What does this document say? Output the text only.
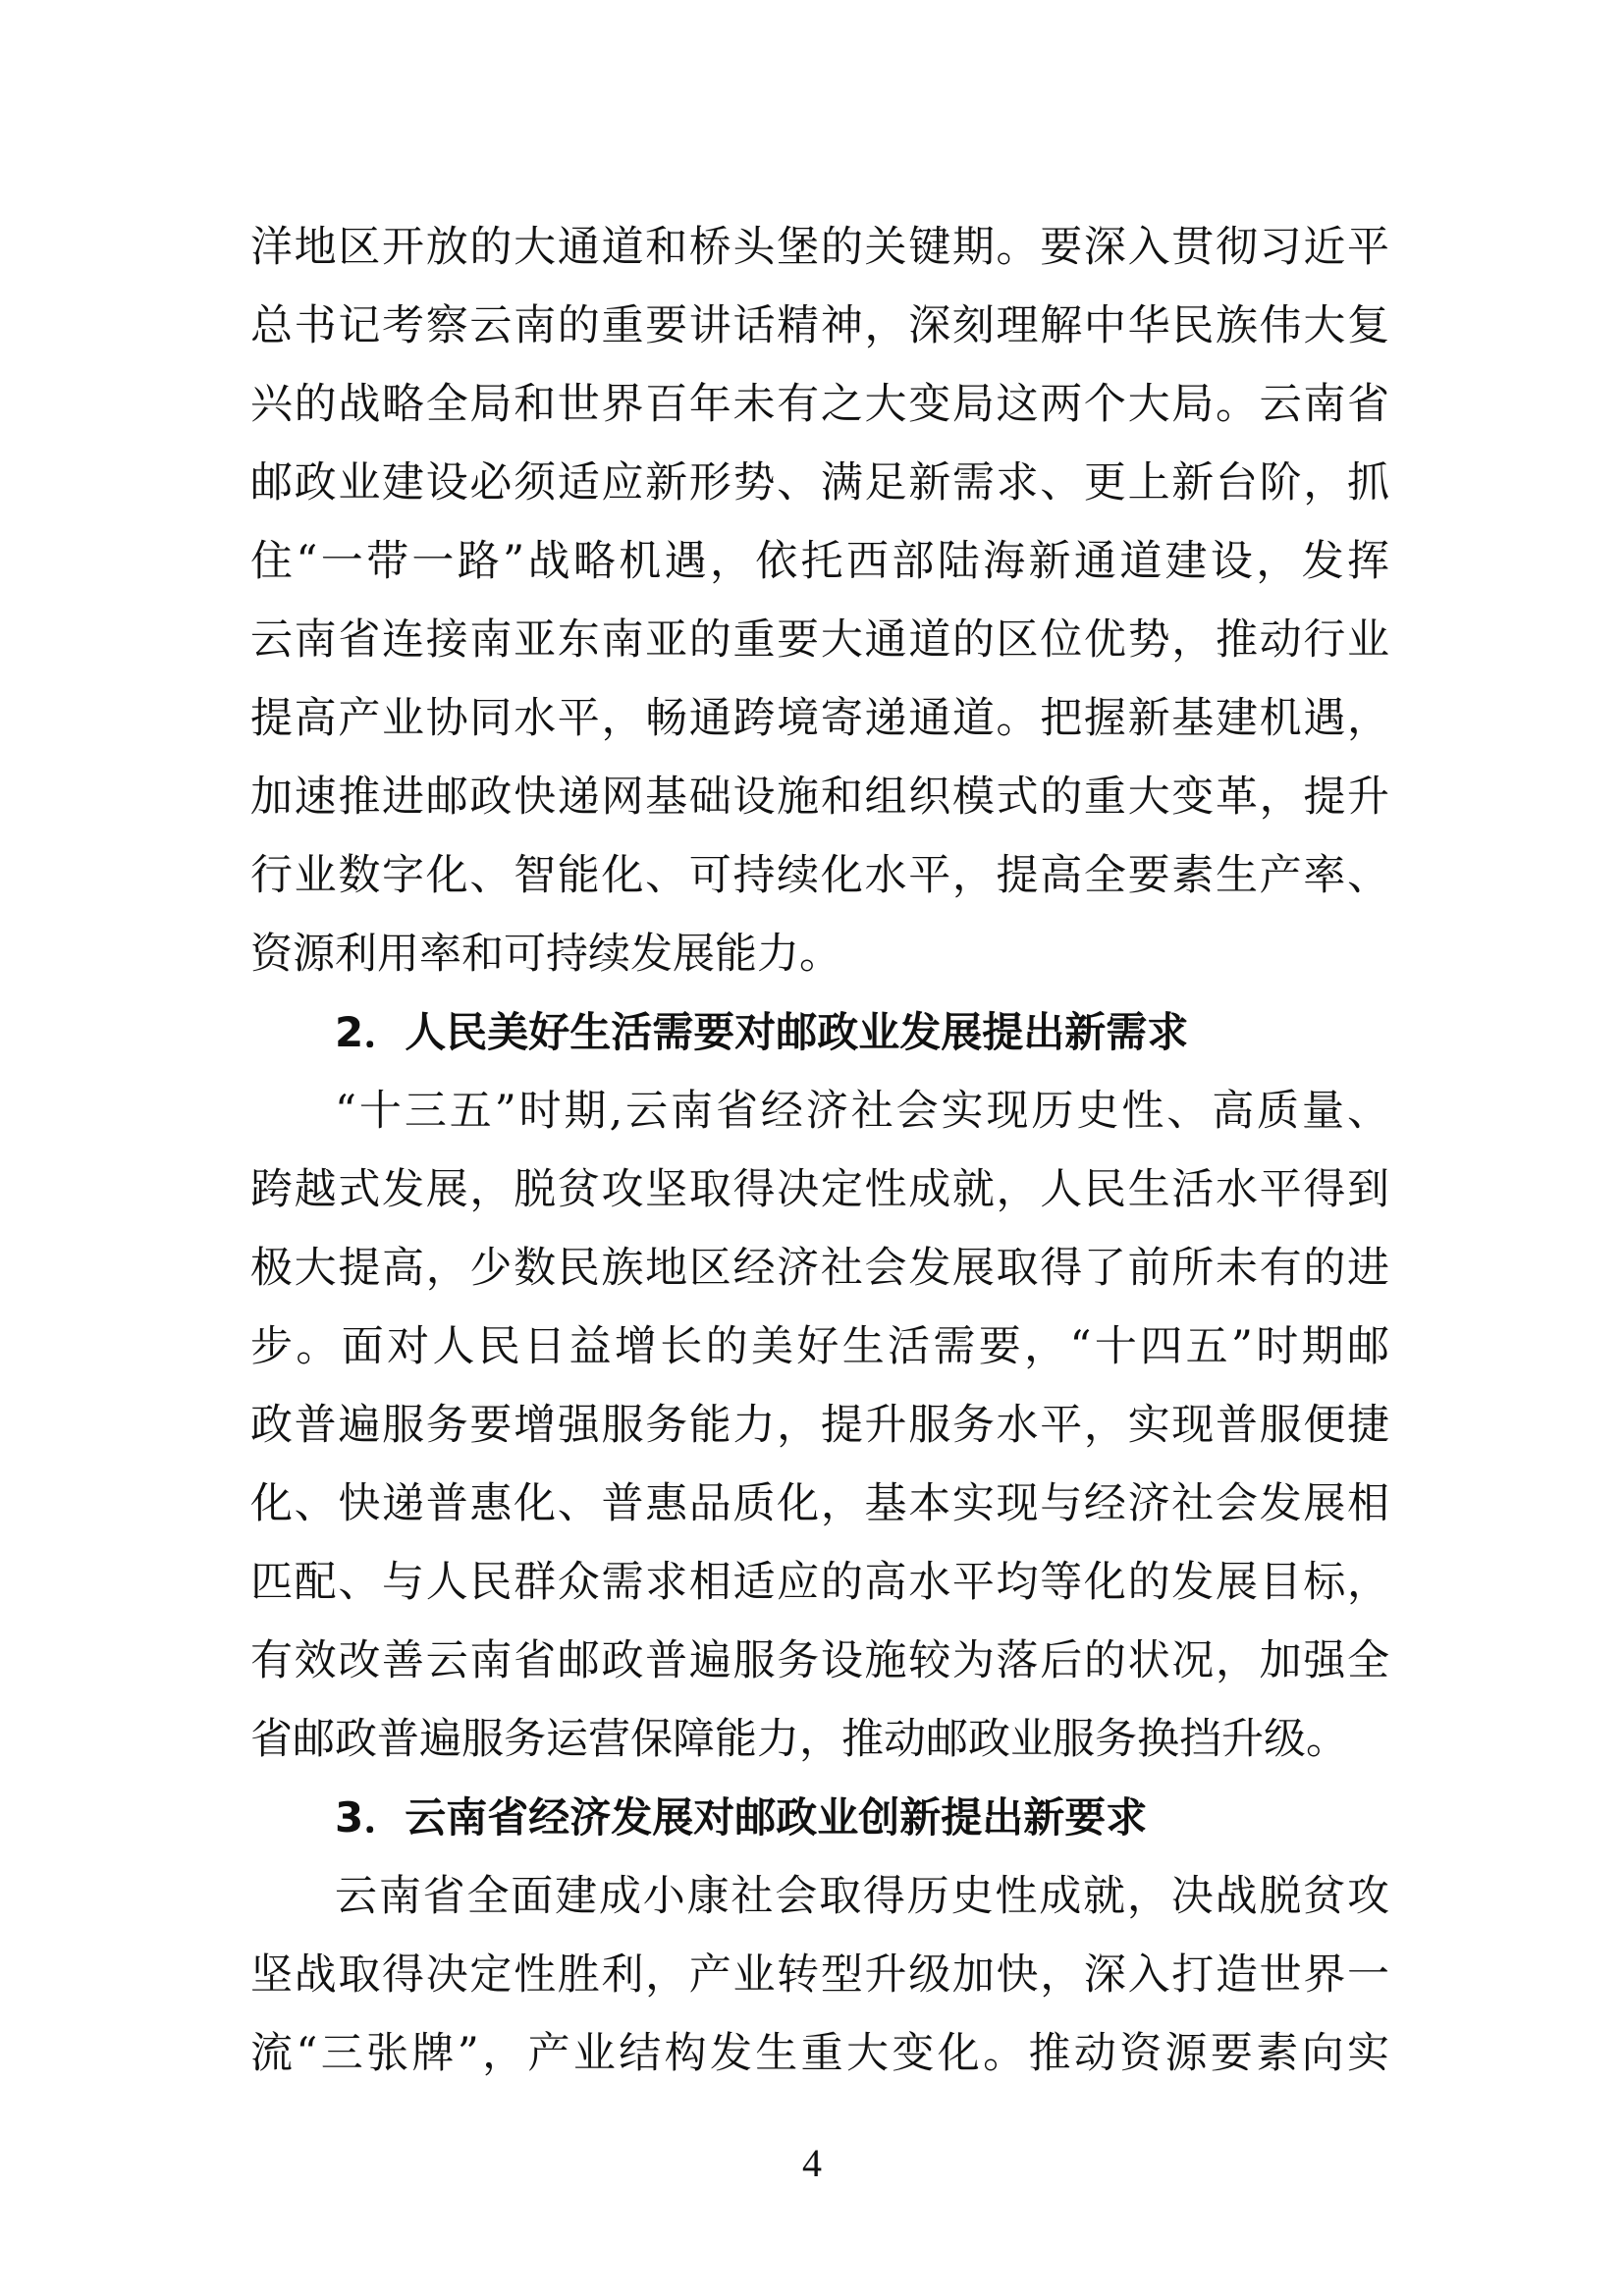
洋地区开放的大通道和桥头堡的关键期。要深入贯彻习近平
总书记考察云南的重要讲话精神，深刻理解中华民族伟大复
兴的战略全局和世界百年未有之大变局这两个大局。云南省
邮政业建设必须适应新形势、满足新需求、更上新台阶，抓
住“一带一路”战略机遇，依托西部陆海新通道建设，发挥
云南省连接南亚东南亚的重要大通道的区位优势，推动行业
提高产业协同水平，畅通跨境寄递通道。把握新基建机遇，
加速推进邮政快递网基础设施和组织模式的重大变革，提升
行业数字化、智能化、可持续化水平，提高全要素生产率、
资源利用率和可持续发展能力。
2．人民美好生活需要对邮政业发展提出新需求
“十三五”时期,云南省经济社会实现历史性、高质量、
跨越式发展，脱贫攻坚取得决定性成就，人民生活水平得到
极大提高，少数民族地区经济社会发展取得了前所未有的进
步。面对人民日益增长的美好生活需要，“十四五”时期邮
政普遍服务要增强服务能力，提升服务水平，实现普服便捷
化、快递普惠化、普惠品质化，基本实现与经济社会发展相
匹配、与人民群众需求相适应的高水平均等化的发展目标，
有效改善云南省邮政普遍服务设施较为落后的状况，加强全
省邮政普遍服务运营保障能力，推动邮政业服务换挡升级。
3．云南省经济发展对邮政业创新提出新要求
云南省全面建成小康社会取得历史性成就，决战脱贫攻
坚战取得决定性胜利，产业转型升级加快，深入打造世界一
流“三张牌”，产业结构发生重大变化。推动资源要素向实
4
